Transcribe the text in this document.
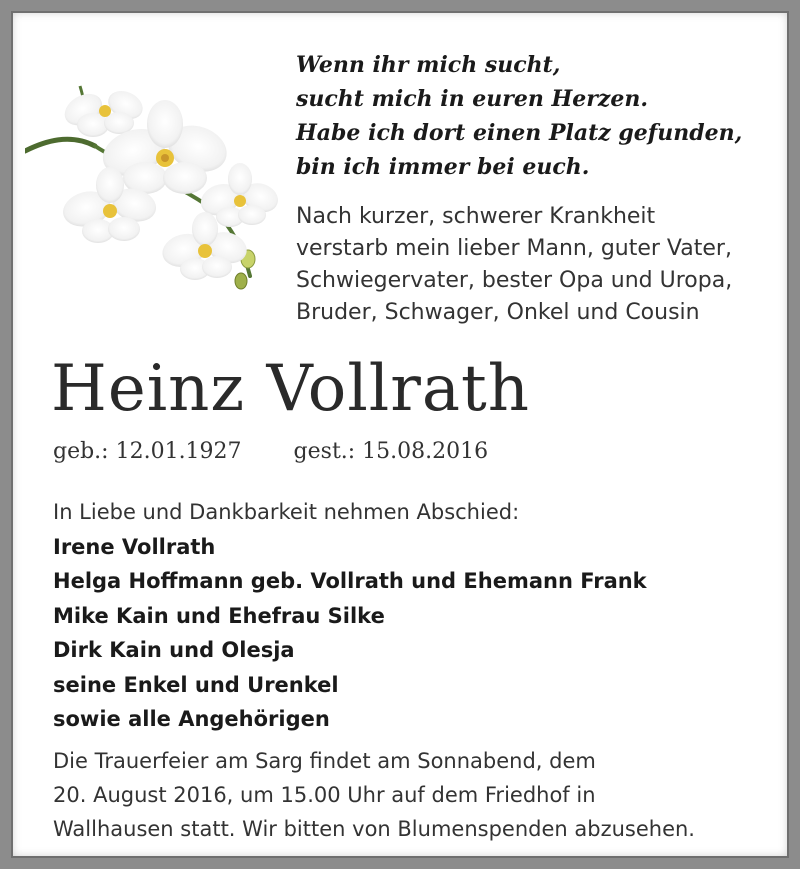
Wenn ihr mich sucht,
sucht mich in euren Herzen.
Habe ich dort einen Platz gefunden,
bin ich immer bei euch.
Nach kurzer, schwerer Krankheit
verstarb mein lieber Mann, guter Vater,
Schwiegervater, bester Opa und Uropa,
Bruder, Schwager, Onkel und Cousin
Heinz Vollrath
geb.: 12.01.1927 gest.: 15.08.2016
In Liebe und Dankbarkeit nehmen Abschied:
Irene Vollrath
Helga Hoffmann geb. Vollrath und Ehemann Frank
Mike Kain und Ehefrau Silke
Dirk Kain und Olesja
seine Enkel und Urenkel
sowie alle Angehörigen
Die Trauerfeier am Sarg findet am Sonnabend, dem
20. August 2016, um 15.00 Uhr auf dem Friedhof in
Wallhausen statt. Wir bitten von Blumenspenden abzusehen.
